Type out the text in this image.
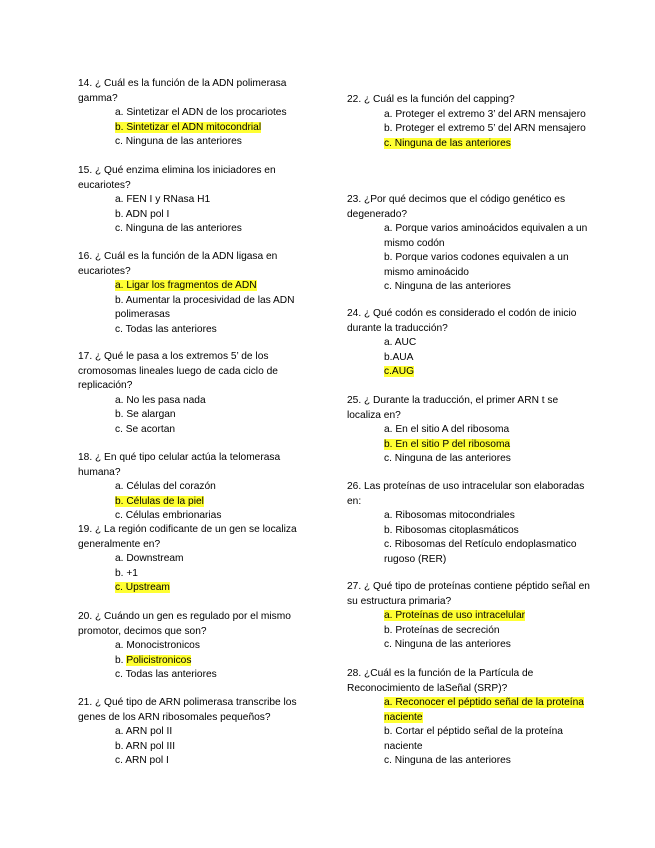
14. ¿ Cuál es la función de la ADN polimerasa gamma?
a. Sintetizar el ADN de los procariotes
b. Sintetizar el ADN mitocondrial
c. Ninguna de las anteriores
15. ¿ Qué enzima elimina los iniciadores en eucariotes?
a. FEN I y RNasa H1
b. ADN pol I
c. Ninguna de las anteriores
16. ¿ Cuál es la función de la ADN ligasa en eucariotes?
a. Ligar los fragmentos de ADN
b. Aumentar la procesividad de las ADN polimerasas
c. Todas las anteriores
17. ¿ Qué le pasa a los extremos 5’ de los cromosomas lineales luego de cada ciclo de replicación?
a. No les pasa nada
b. Se alargan
c. Se acortan
18. ¿ En qué tipo celular actúa la telomerasa humana?
a. Células del corazón
b. Células de la piel
c. Células embrionarias
19. ¿ La región codificante de un gen se localiza generalmente en?
a. Downstream
b. +1
c. Upstream
20. ¿ Cuándo un gen es regulado por el mismo promotor, decimos que son?
a. Monocistronicos
b. Policistronicos
c. Todas las anteriores
21. ¿ Qué tipo de ARN polimerasa transcribe los genes de los ARN ribosomales pequeños?
a. ARN pol II
b. ARN pol III
c. ARN pol I
22. ¿ Cuál es la función del capping?
a. Proteger el extremo 3’ del ARN mensajero
b. Proteger el extremo 5’ del ARN mensajero
c. Ninguna de las anteriores
23. ¿Por qué decimos que el código genético es degenerado?
a. Porque varios aminoácidos equivalen a un mismo codón
b. Porque varios codones equivalen a un mismo aminoácido
c. Ninguna de las anteriores
24. ¿ Qué codón es considerado el codón de inicio durante la traducción?
a. AUC
b.AUA
c.AUG
25. ¿ Durante la traducción, el primer ARN t se localiza en?
a. En el sitio A del ribosoma
b. En el sitio P del ribosoma
c. Ninguna de las anteriores
26. Las proteínas de uso intracelular son elaboradas en:
a. Ribosomas mitocondriales
b. Ribosomas citoplasmáticos
c. Ribosomas del Retículo endoplasmatico rugoso (RER)
27. ¿ Qué tipo de proteínas contiene péptido señal en su estructura primaria?
a. Proteínas de uso intracelular
b. Proteínas de secreción
c. Ninguna de las anteriores
28. ¿Cuál es la función de la Partícula de Reconocimiento de laSeñal (SRP)?
a. Reconocer el péptido señal de la proteína naciente
b. Cortar el péptido señal de la proteína naciente
c. Ninguna de las anteriores
